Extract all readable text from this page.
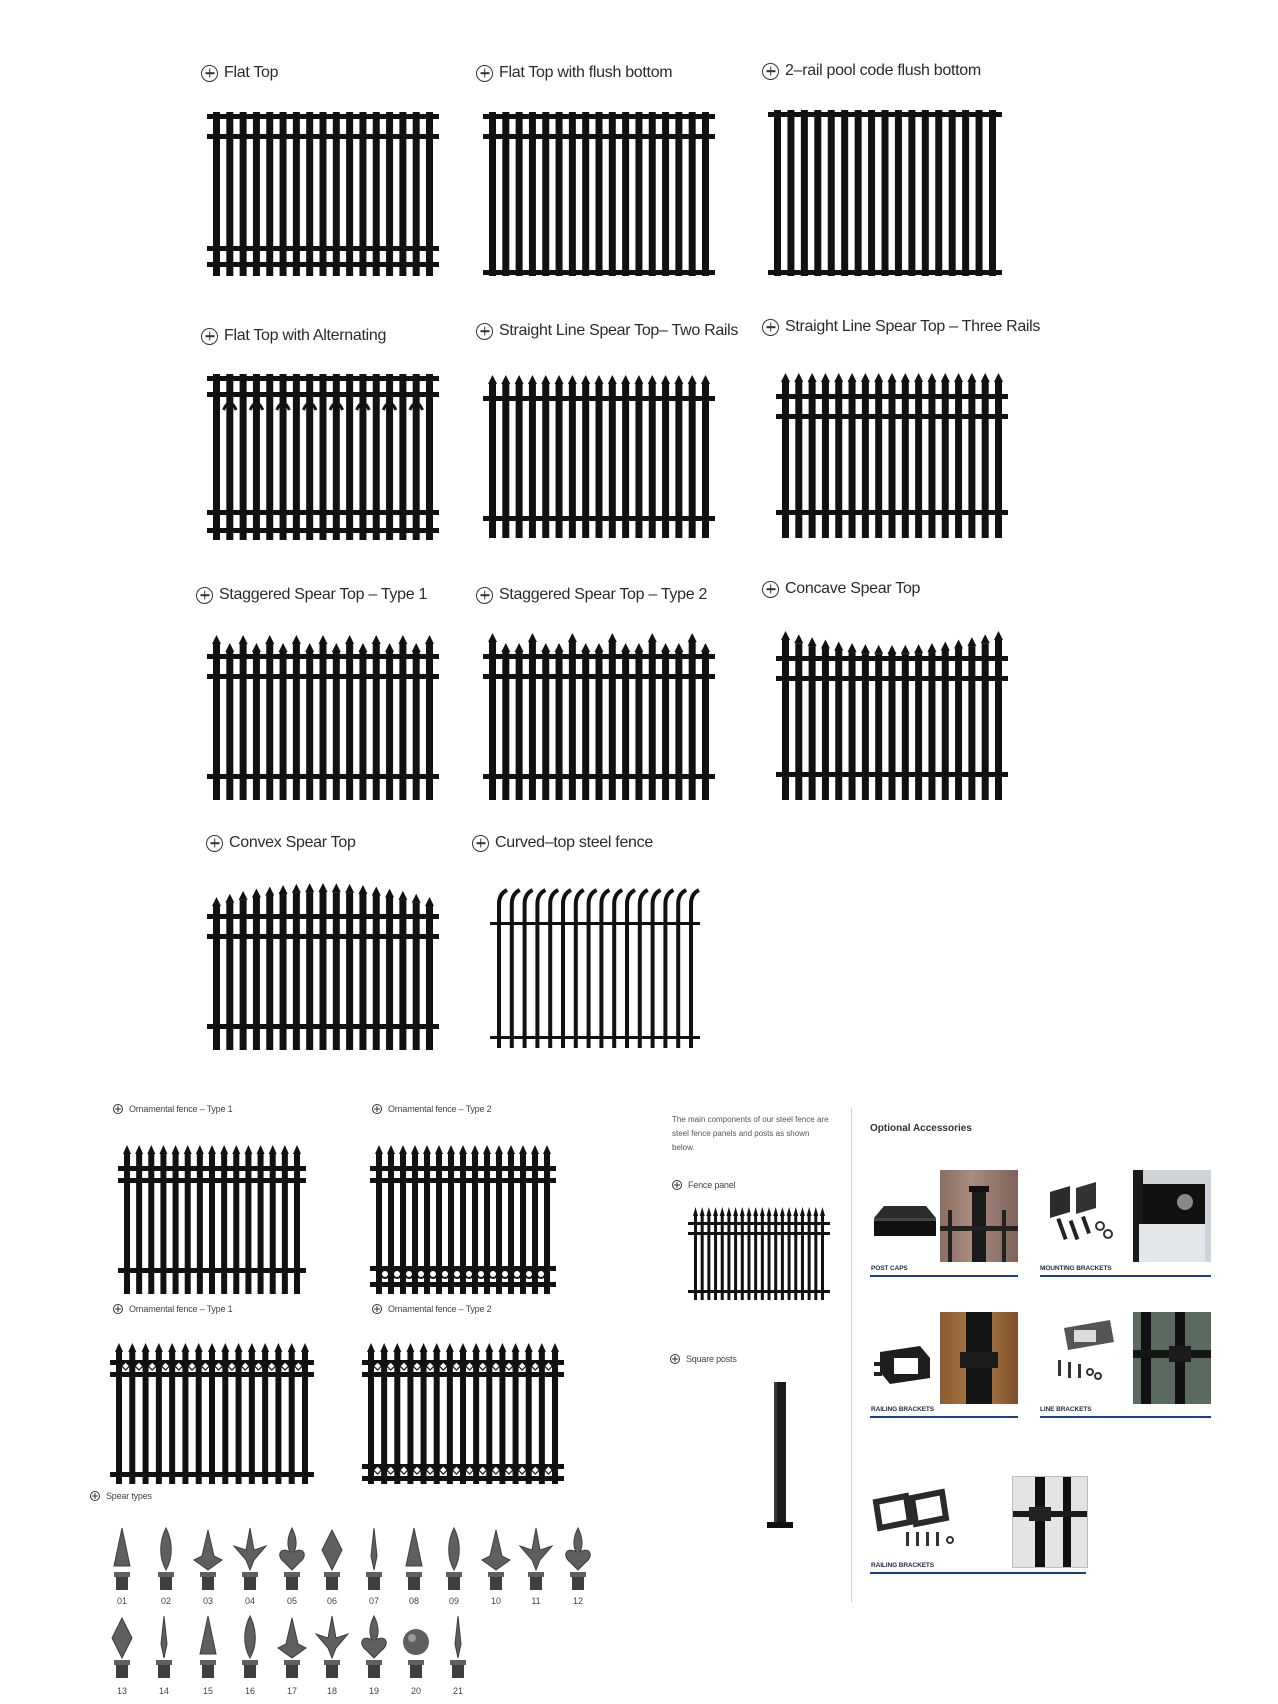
Flat Top	Flat Top with flush bottom	2–rail pool code flush bottom
Flat Top with Alternating	Straight Line Spear Top– Two Rails	Straight Line Spear Top – Three Rails
Staggered Spear Top – Type 1	Staggered Spear Top – Type 2	Concave Spear Top
Convex Spear Top	Curved–top steel fence
Ornamental fence – Type 1	Ornamental fence – Type 2
Ornamental fence – Type 1	Ornamental fence – Type 2
Spear types
01	02	03	04	05	06	07	08	09	10	11	12
13	14	15	16	17	18	19	20	21
The main components of our steel fence are steel fence panels and posts as shown below.
Fence panel
Square posts
Optional Accessories
POST CAPS	MOUNTING BRACKETS
RAILING BRACKETS	LINE BRACKETS
RAILING BRACKETS
